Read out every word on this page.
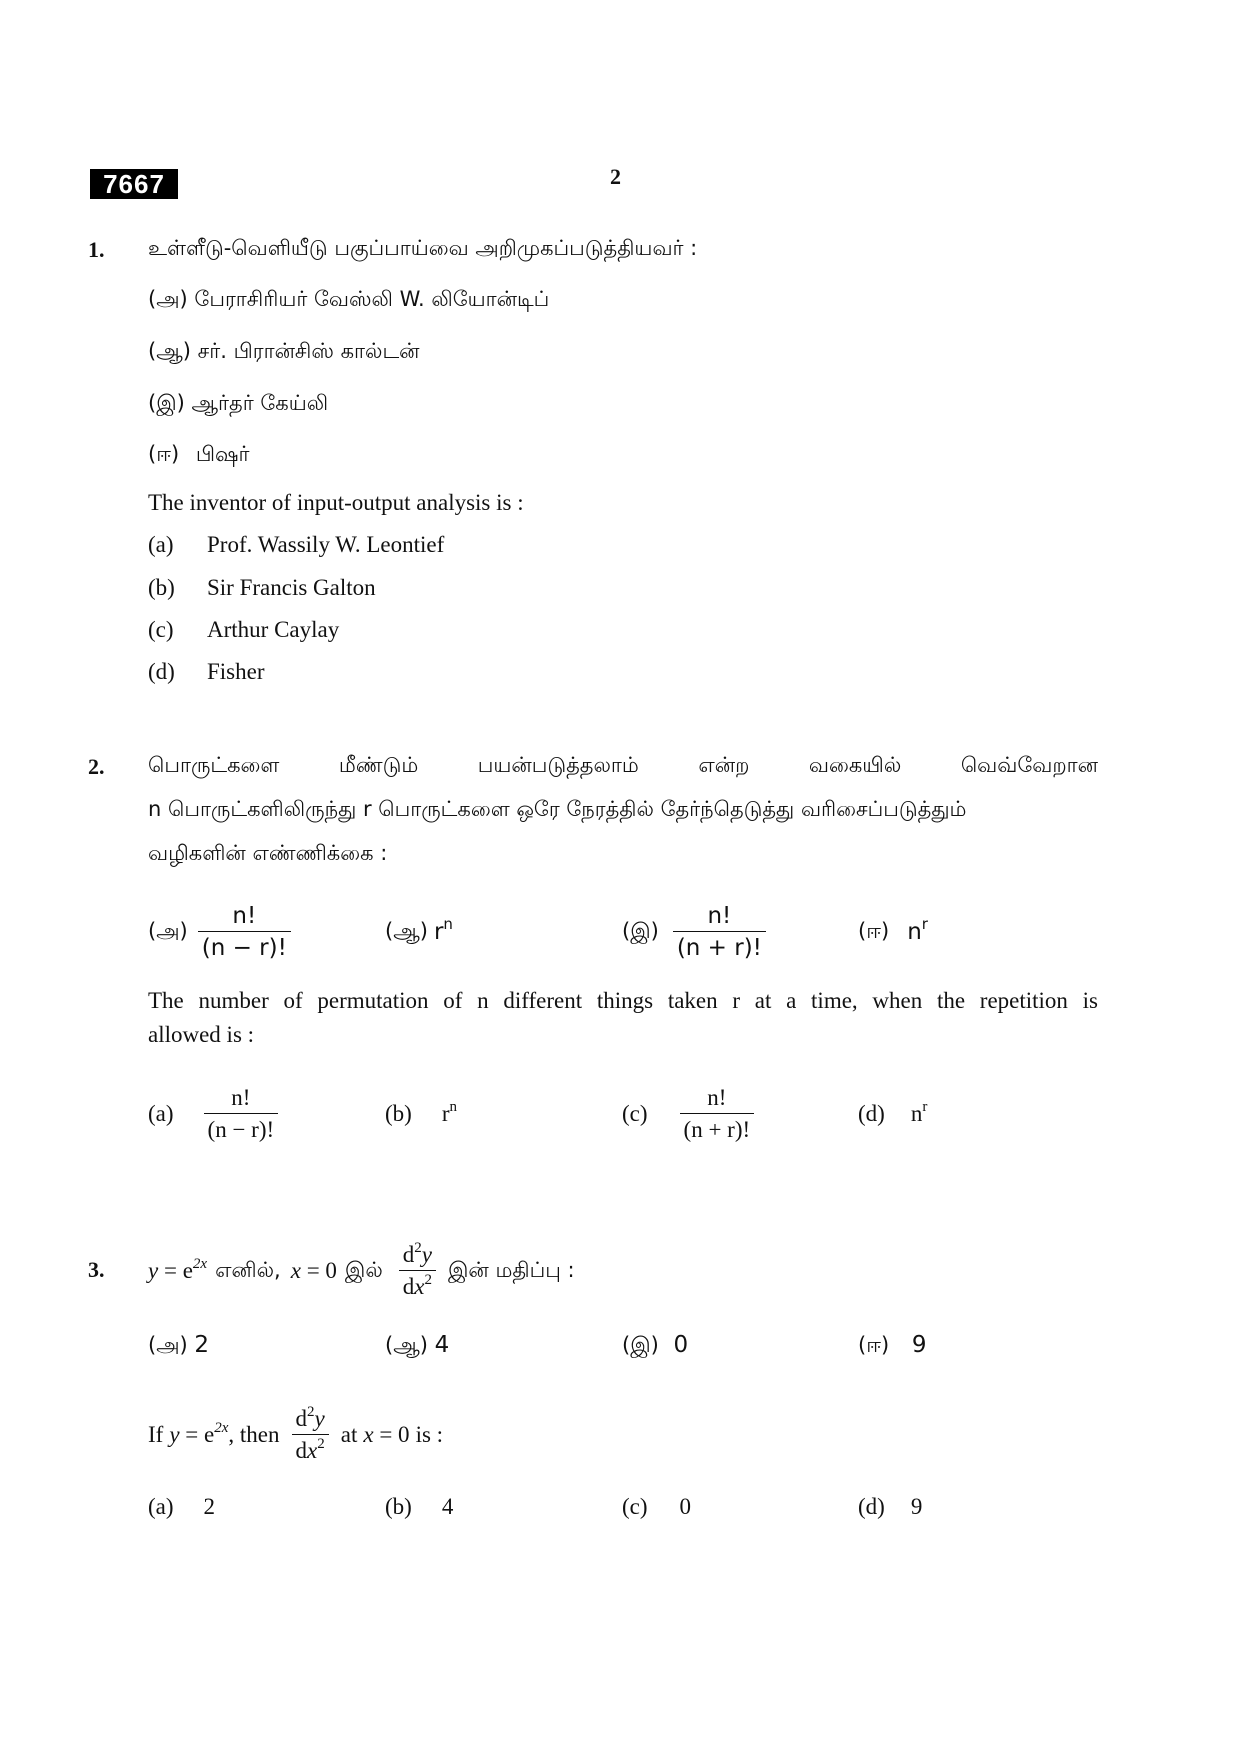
7667	2
1. உள்ளீடு-வெளியீடு பகுப்பாய்வை அறிமுகப்படுத்தியவர் :
(அ) பேராசிரியர் வேஸ்லி W. லியோன்டிப்
(ஆ) சர். பிரான்சிஸ் கால்டன்
(இ) ஆர்தர் கேய்லி
(ஈ) பிஷர்
The inventor of input-output analysis is :
(a) Prof. Wassily W. Leontief
(b) Sir Francis Galton
(c) Arthur Caylay
(d) Fisher
2. பொருட்களை மீண்டும் பயன்படுத்தலாம் என்ற வகையில் வெவ்வேறான
n பொருட்களிலிருந்து r பொருட்களை ஒரே நேரத்தில் தேர்ந்தெடுத்து வரிசைப்படுத்தும்
வழிகளின் எண்ணிக்கை :
(அ) $\frac{n!}{(n - r)!}$	(ஆ) $r^n$	(இ) $\frac{n!}{(n + r)!}$	(ஈ) $n^r$
The number of permutation of n different things taken r at a time, when the repetition is
allowed is :
$(a) \frac{n!}{(n - r)!}$	(b) $r^n$	$(c) \frac{n!}{(n + r)!}$	(d) $n^r$
3. $y = e^{2x}$ எனில், x = 0 இல் $\frac{d^2y}{dx^2}$ இன் மதிப்பு :
(அ) 2	(ஆ) 4	(இ) 0	(ஈ) 9
If $y = e^{2x}$ , then $\frac{d^2y}{dx^2}$ at x = 0 is :
(a) 2	(b) 4	(c) 0	(d) 9
